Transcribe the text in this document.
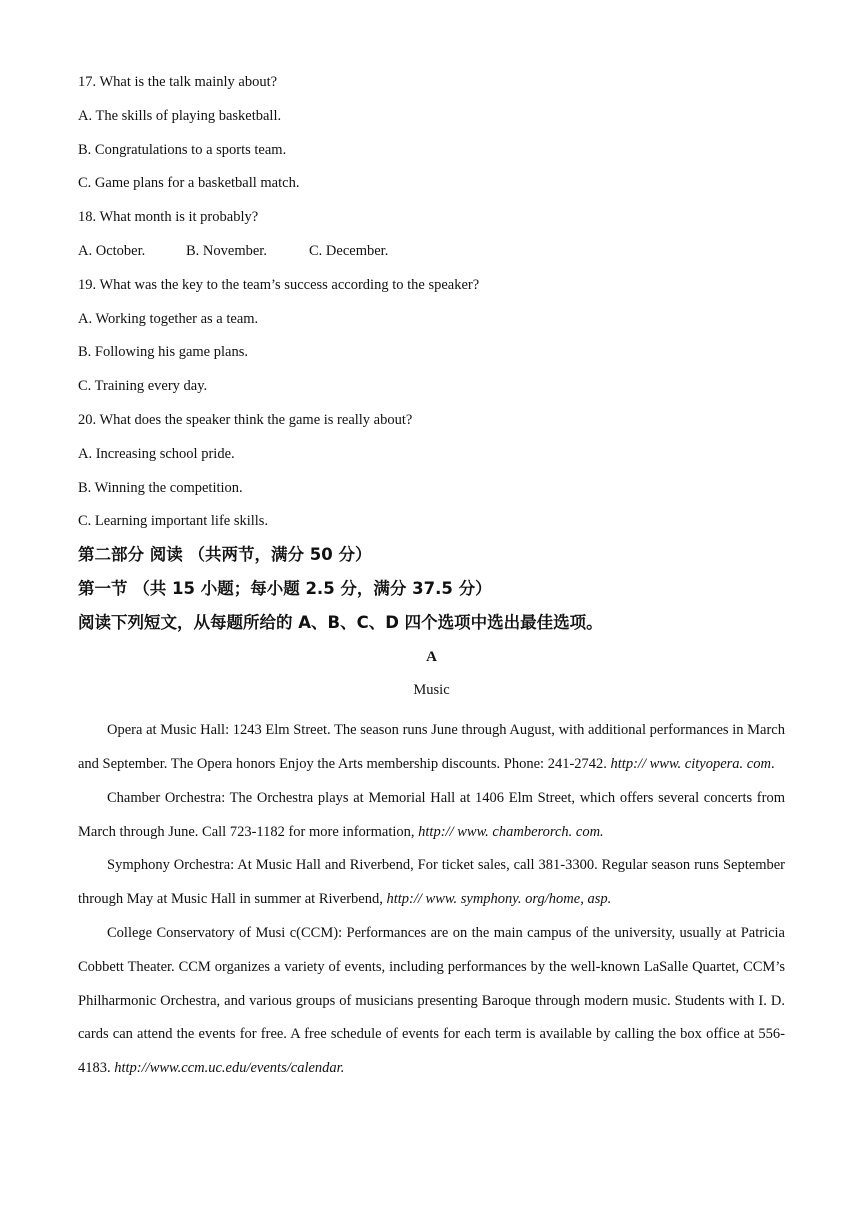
17. What is the talk mainly about?
A. The skills of playing basketball.
B. Congratulations to a sports team.
C. Game plans for a basketball match.
18. What month is it probably?
A. October.	B. November.	C. December.
19. What was the key to the team’s success according to the speaker?
A. Working together as a team.
B. Following his game plans.
C. Training every day.
20. What does the speaker think the game is really about?
A. Increasing school pride.
B. Winning the competition.
C. Learning important life skills.
第二部分 阅读 （共两节，满分 50 分）
第一节 （共 15 小题；每小题 2.5 分，满分 37.5 分）
阅读下列短文，从每题所给的 A、B、C、D 四个选项中选出最佳选项。
A
Music

Opera at Music Hall: 1243 Elm Street. The season runs June through August, with additional performances in March and September. The Opera honors Enjoy the Arts membership discounts. Phone: 241-2742. http:// www. cityopera. com.

Chamber Orchestra: The Orchestra plays at Memorial Hall at 1406 Elm Street, which offers several concerts from March through June. Call 723-1182 for more information, http:// www. chamberorch. com.

Symphony Orchestra: At Music Hall and Riverbend, For ticket sales, call 381-3300. Regular season runs September through May at Music Hall in summer at Riverbend, http:// www. symphony. org/home, asp.

College Conservatory of Musi c(CCM): Performances are on the main campus of the university, usually at Patricia Cobbett Theater. CCM organizes a variety of events, including performances by the well-known LaSalle Quartet, CCM’s Philharmonic Orchestra, and various groups of musicians presenting Baroque through modern music. Students with I. D. cards can attend the events for free. A free schedule of events for each term is available by calling the box office at 556-4183. http://www.ccm.uc.edu/events/calendar.
